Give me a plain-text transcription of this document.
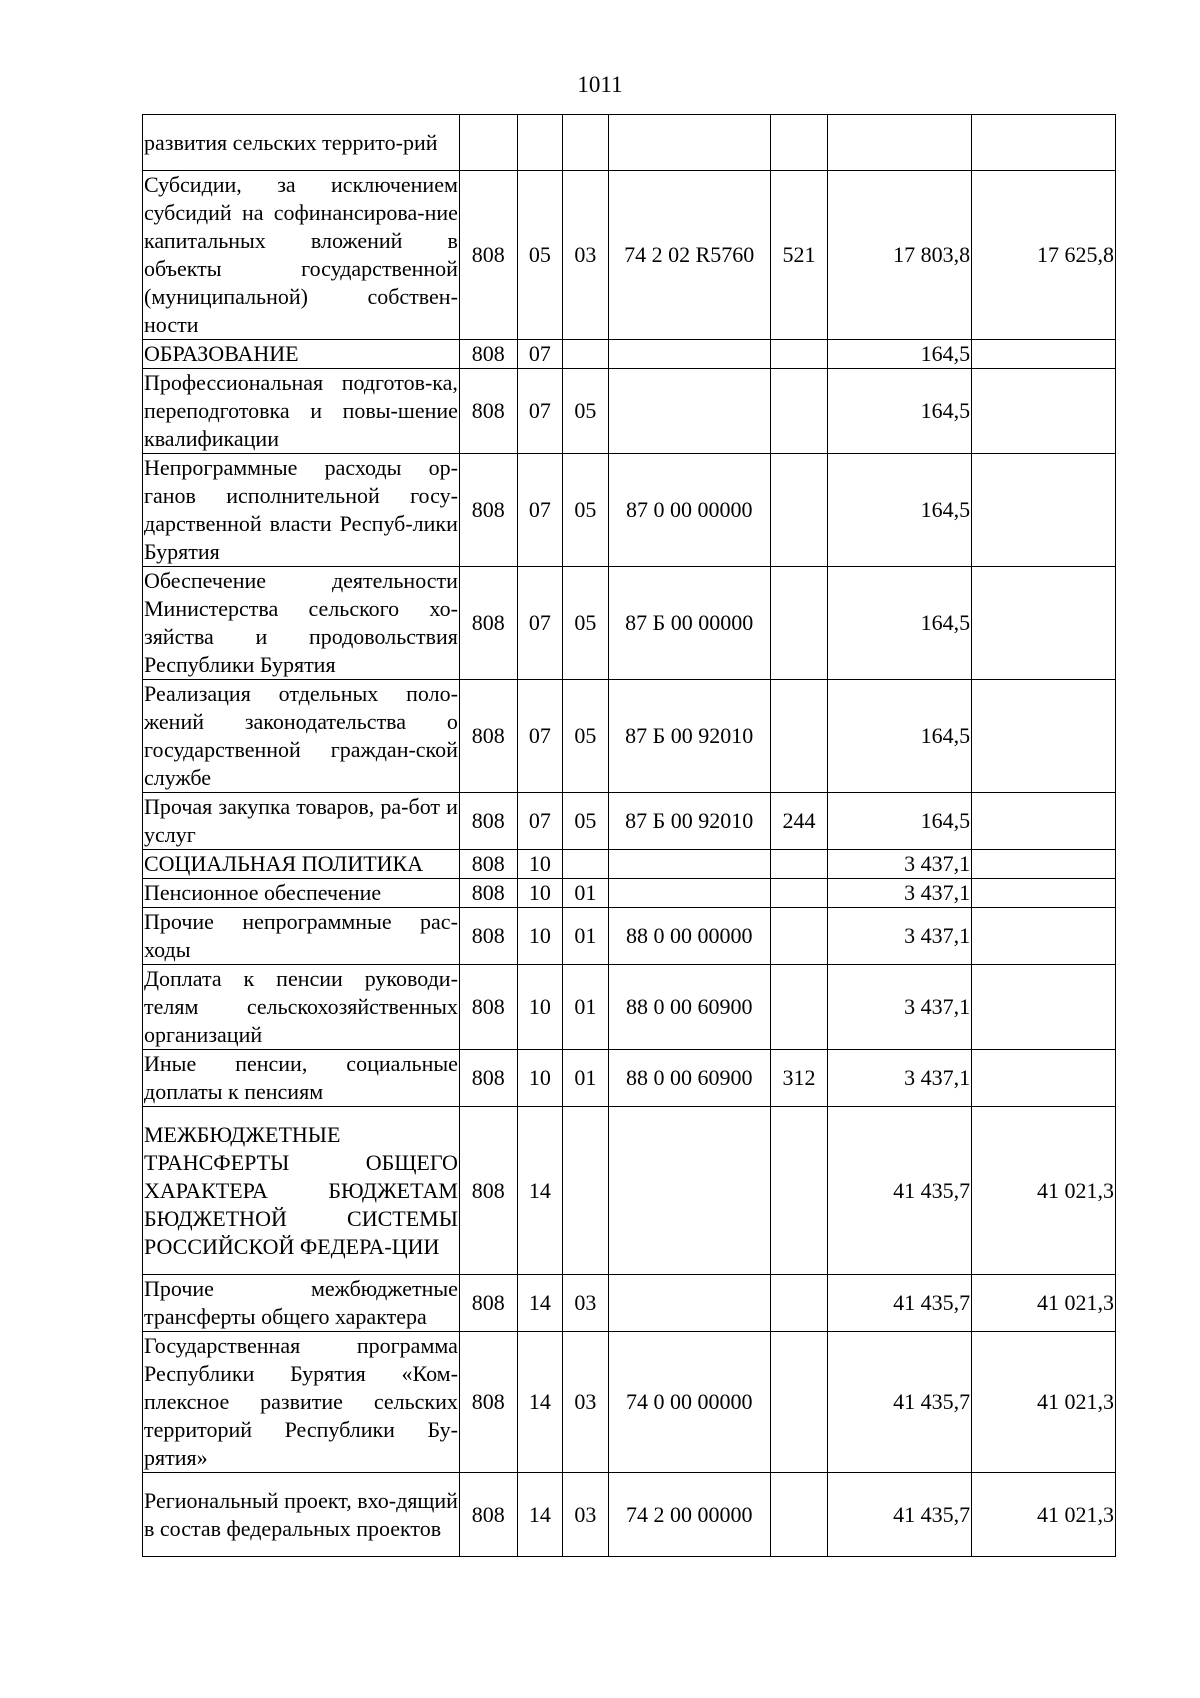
1011
развития сельских террито-рий							
Субсидии, за исключением субсидий на софинансирова-ние капитальных вложений в объекты государственной (муниципальной) собствен-ности	808	05	03	74 2 02 R5760	521	17 803,8	17 625,8
ОБРАЗОВАНИЕ	808	07				164,5	
Профессиональная подготов-ка, переподготовка и повы-шение квалификации	808	07	05			164,5	
Непрограммные расходы ор-ганов исполнительной госу-дарственной власти Респуб-лики Бурятия	808	07	05	87 0 00 00000		164,5	
Обеспечение деятельности Министерства сельского хо-зяйства и продовольствия Республики Бурятия	808	07	05	87 Б 00 00000		164,5	
Реализация отдельных поло-жений законодательства о государственной граждан-ской службе	808	07	05	87 Б 00 92010		164,5	
Прочая закупка товаров, ра-бот и услуг	808	07	05	87 Б 00 92010	244	164,5	
СОЦИАЛЬНАЯ ПОЛИТИКА	808	10				3 437,1	
Пенсионное обеспечение	808	10	01			3 437,1	
Прочие непрограммные рас-ходы	808	10	01	88 0 00 00000		3 437,1	
Доплата к пенсии руководи-телям сельскохозяйственных организаций	808	10	01	88 0 00 60900		3 437,1	
Иные пенсии, социальные доплаты к пенсиям	808	10	01	88 0 00 60900	312	3 437,1	
МЕЖБЮДЖЕТНЫЕ ТРАНСФЕРТЫ ОБЩЕГО ХАРАКТЕРА БЮДЖЕТАМ БЮДЖЕТНОЙ СИСТЕМЫ РОССИЙСКОЙ ФЕДЕРА-ЦИИ	808	14				41 435,7	41 021,3
Прочие межбюджетные трансферты общего характера	808	14	03			41 435,7	41 021,3
Государственная программа Республики Бурятия «Ком-плексное развитие сельских территорий Республики Бу-рятия»	808	14	03	74 0 00 00000		41 435,7	41 021,3
Региональный проект, вхо-дящий в состав федеральных проектов	808	14	03	74 2 00 00000		41 435,7	41 021,3
